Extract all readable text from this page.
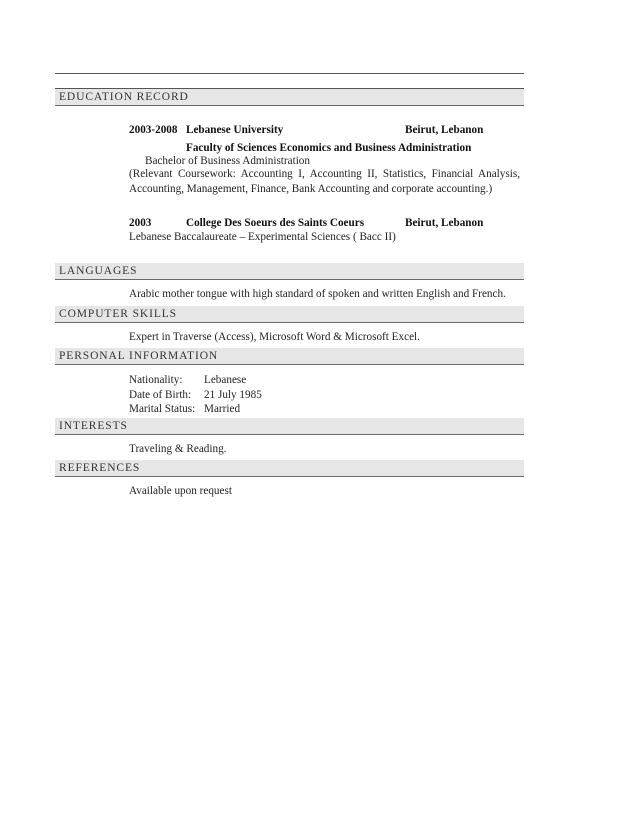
EDUCATION RECORD
2003-2008 Lebanese University	Beirut, Lebanon
Faculty of Sciences Economics and Business Administration
Bachelor of Business Administration
(Relevant Coursework: Accounting I, Accounting II, Statistics, Financial Analysis, Accounting, Management, Finance, Bank Accounting and corporate accounting.)
2003	College Des Soeurs des Saints Coeurs	Beirut, Lebanon
Lebanese Baccalaureate – Experimental Sciences ( Bacc II)
LANGUAGES
Arabic mother tongue with high standard of spoken and written English and French.
COMPUTER SKILLS
Expert in Traverse (Access), Microsoft Word & Microsoft Excel.
PERSONAL INFORMATION
Nationality: Lebanese
Date of Birth: 21 July 1985
Marital Status: Married
INTERESTS
Traveling & Reading.
REFERENCES
Available upon request
